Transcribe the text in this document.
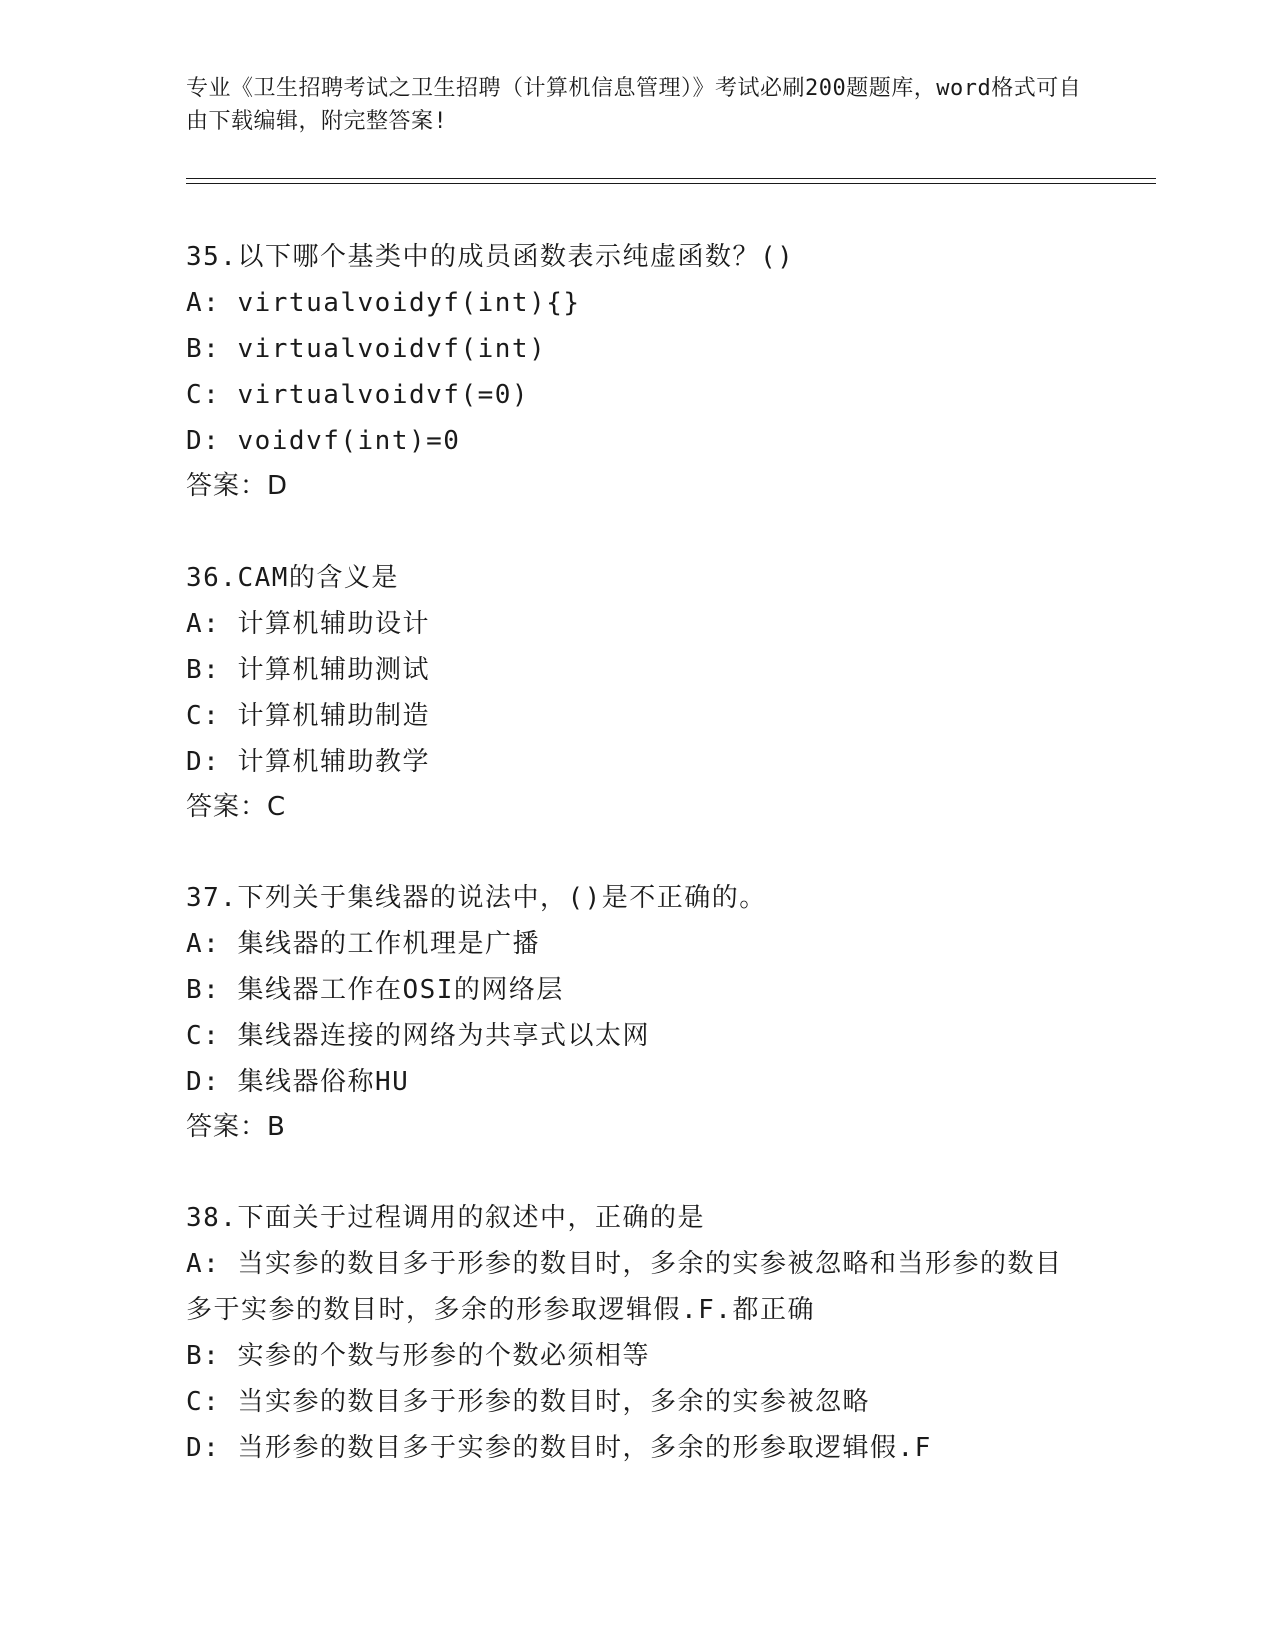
专业《卫生招聘考试之卫生招聘（计算机信息管理）》考试必刷200题题库，word格式可自由下载编辑，附完整答案!
35.以下哪个基类中的成员函数表示纯虚函数？()
A: virtualvoidyf(int){}
B: virtualvoidvf(int)
C: virtualvoidvf(=0)
D: voidvf(int)=0
答案：D
36.CAM的含义是
A: 计算机辅助设计
B: 计算机辅助测试
C: 计算机辅助制造
D: 计算机辅助教学
答案：C
37.下列关于集线器的说法中，()是不正确的。
A: 集线器的工作机理是广播
B: 集线器工作在OSI的网络层
C: 集线器连接的网络为共享式以太网
D: 集线器俗称HU
答案：B
38.下面关于过程调用的叙述中，正确的是
A: 当实参的数目多于形参的数目时，多余的实参被忽略和当形参的数目多于实参的数目时，多余的形参取逻辑假.F.都正确
B: 实参的个数与形参的个数必须相等
C: 当实参的数目多于形参的数目时，多余的实参被忽略
D: 当形参的数目多于实参的数目时，多余的形参取逻辑假.F
